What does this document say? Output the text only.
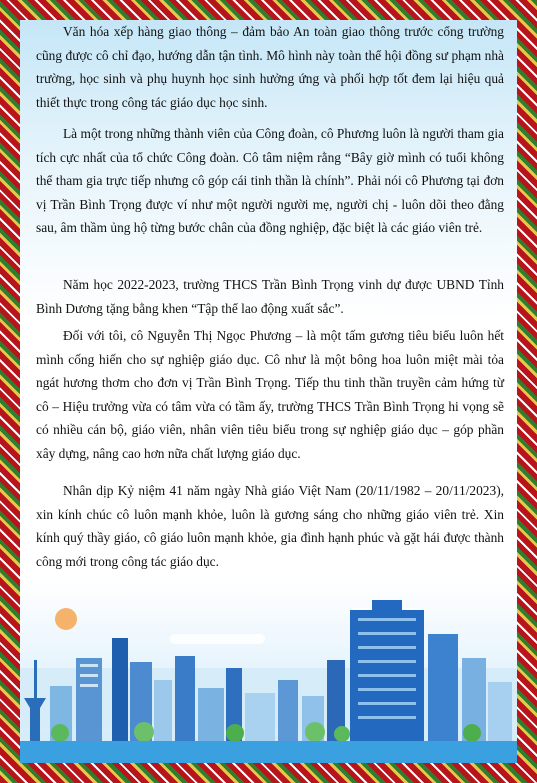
Văn hóa xếp hàng giao thông – đảm bảo An toàn giao thông trước cổng trường cũng được cô chỉ đạo, hướng dẫn tận tình. Mô hình này toàn thể hội đồng sư phạm nhà trường, học sinh và phụ huynh học sinh hưởng ứng và phối hợp tốt đem lại hiệu quả thiết thực trong công tác giáo dục học sinh.

Là một trong những thành viên của Công đoàn, cô Phương luôn là người tham gia tích cực nhất của tổ chức Công đoàn. Cô tâm niệm rằng “Bây giờ mình có tuổi không thể tham gia trực tiếp nhưng cô góp cái tinh thần là chính”. Phải nói cô Phương tại đơn vị Trần Bình Trọng được ví như một người người mẹ, người chị - luôn dõi theo đằng sau, âm thầm ủng hộ từng bước chân của đồng nghiệp, đặc biệt là các giáo viên trẻ.

Năm học 2022-2023, trường THCS Trần Bình Trọng vinh dự được UBND Tỉnh Bình Dương tặng bằng khen “Tập thể lao động xuất sắc”.

Đối với tôi, cô Nguyễn Thị Ngọc Phương – là một tấm gương tiêu biểu luôn hết mình cống hiến cho sự nghiệp giáo dục. Cô như là một bông hoa luôn miệt mài tỏa ngát hương thơm cho đơn vị Trần Bình Trọng. Tiếp thu tinh thần truyền cảm hứng từ cô – Hiệu trưởng vừa có tâm vừa có tầm ấy, trường THCS Trần Bình Trọng hi vọng sẽ có nhiều cán bộ, giáo viên, nhân viên tiêu biểu trong sự nghiệp giáo dục – góp phần xây dựng, nâng cao hơn nữa chất lượng giáo dục.

Nhân dịp Kỷ niệm 41 năm ngày Nhà giáo Việt Nam (20/11/1982 – 20/11/2023), xin kính chúc cô luôn mạnh khỏe, luôn là gương sáng cho những giáo viên trẻ. Xin kính quý thầy giáo, cô giáo luôn mạnh khỏe, gia đình hạnh phúc và gặt hái được thành công mới trong công tác giáo dục.
